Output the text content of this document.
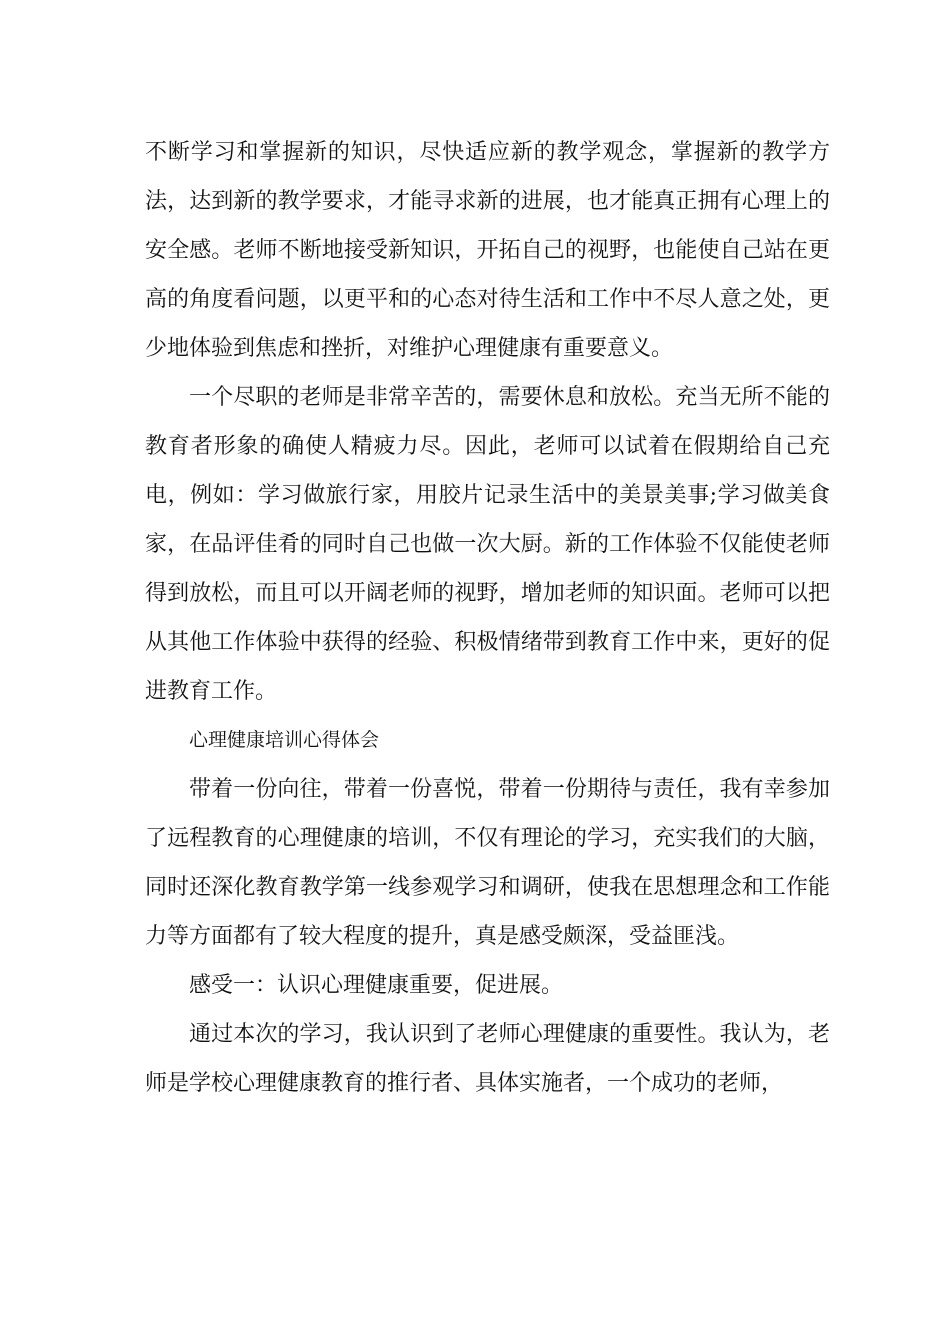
不断学习和掌握新的知识，尽快适应新的教学观念，掌握新的教学方法，达到新的教学要求，才能寻求新的进展，也才能真正拥有心理上的安全感。老师不断地接受新知识，开拓自己的视野，也能使自己站在更高的角度看问题，以更平和的心态对待生活和工作中不尽人意之处，更少地体验到焦虑和挫折，对维护心理健康有重要意义。

一个尽职的老师是非常辛苦的，需要休息和放松。充当无所不能的教育者形象的确使人精疲力尽。因此，老师可以试着在假期给自己充电，例如：学习做旅行家，用胶片记录生活中的美景美事;学习做美食家，在品评佳肴的同时自己也做一次大厨。新的工作体验不仅能使老师得到放松，而且可以开阔老师的视野，增加老师的知识面。老师可以把从其他工作体验中获得的经验、积极情绪带到教育工作中来，更好的促进教育工作。

心理健康培训心得体会

带着一份向往，带着一份喜悦，带着一份期待与责任，我有幸参加了远程教育的心理健康的培训，不仅有理论的学习，充实我们的大脑，同时还深化教育教学第一线参观学习和调研，使我在思想理念和工作能力等方面都有了较大程度的提升，真是感受颇深，受益匪浅。

感受一：认识心理健康重要，促进展。

通过本次的学习，我认识到了老师心理健康的重要性。我认为，老师是学校心理健康教育的推行者、具体实施者，一个成功的老师，
